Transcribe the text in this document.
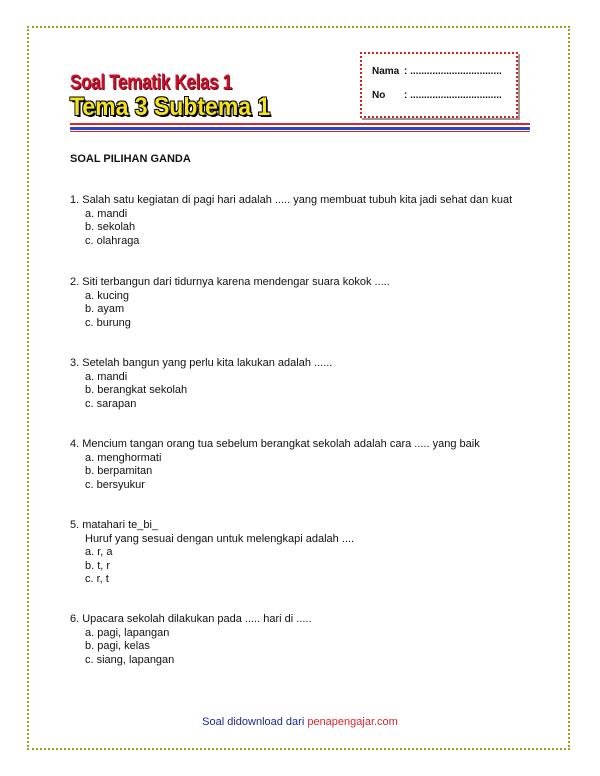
Soal Tematik Kelas 1
Tema 3 Subtema 1
Nama : .................................
No : .................................
SOAL PILIHAN GANDA
1. Salah satu kegiatan di pagi hari adalah ..... yang membuat tubuh kita jadi sehat dan kuat
a. mandi
b. sekolah
c. olahraga
2. Siti terbangun dari tidurnya karena mendengar suara kokok .....
a. kucing
b. ayam
c. burung
3. Setelah bangun yang perlu kita lakukan adalah ......
a. mandi
b. berangkat sekolah
c. sarapan
4. Mencium tangan orang tua sebelum berangkat sekolah adalah cara ..... yang baik
a. menghormati
b. berpamitan
c. bersyukur
5. matahari te_bi_
Huruf yang sesuai dengan untuk melengkapi adalah ....
a. r, a
b. t, r
c. r, t
6. Upacara sekolah dilakukan pada ..... hari di .....
a. pagi, lapangan
b. pagi, kelas
c. siang, lapangan
Soal didownload dari penapengajar.com
